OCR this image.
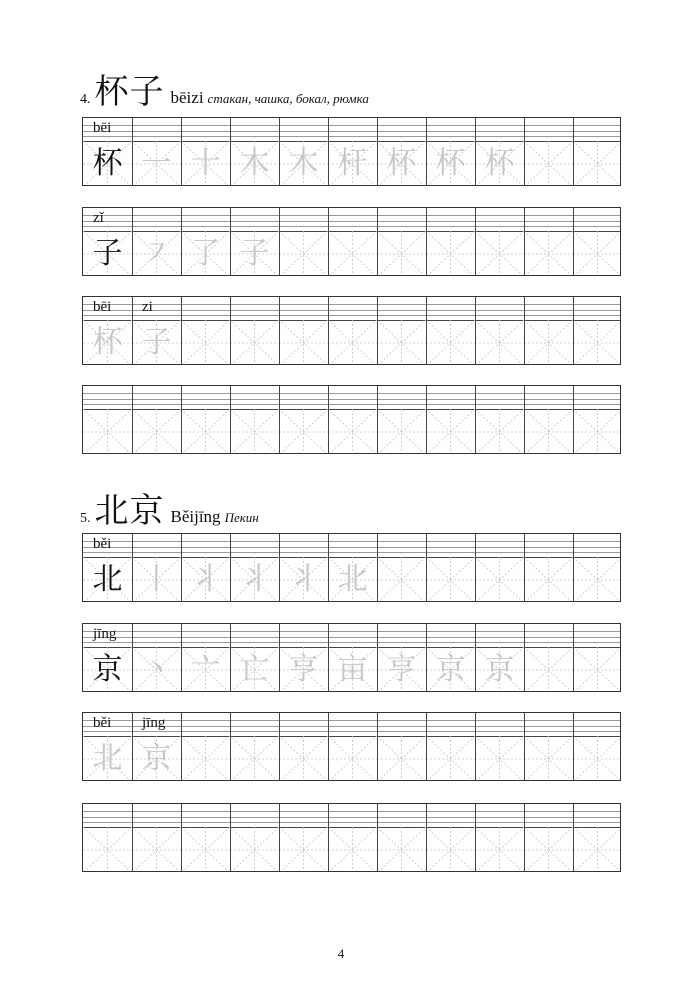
4. 杯子 bēizi стакан, чашка, бокал, рюмка
bēi
杯 一 十 木 木 杆 杯 杯 杯
zǐ
子 ㇇ 了 子
bēi zi
杯 子
5. 北京 Běijīng Пекин
běi
北 丨 丬 丬 丬 北
jīng
京 丶 亠 亡 亨 亩 亨 京 京
běi jīng
北 京
4
